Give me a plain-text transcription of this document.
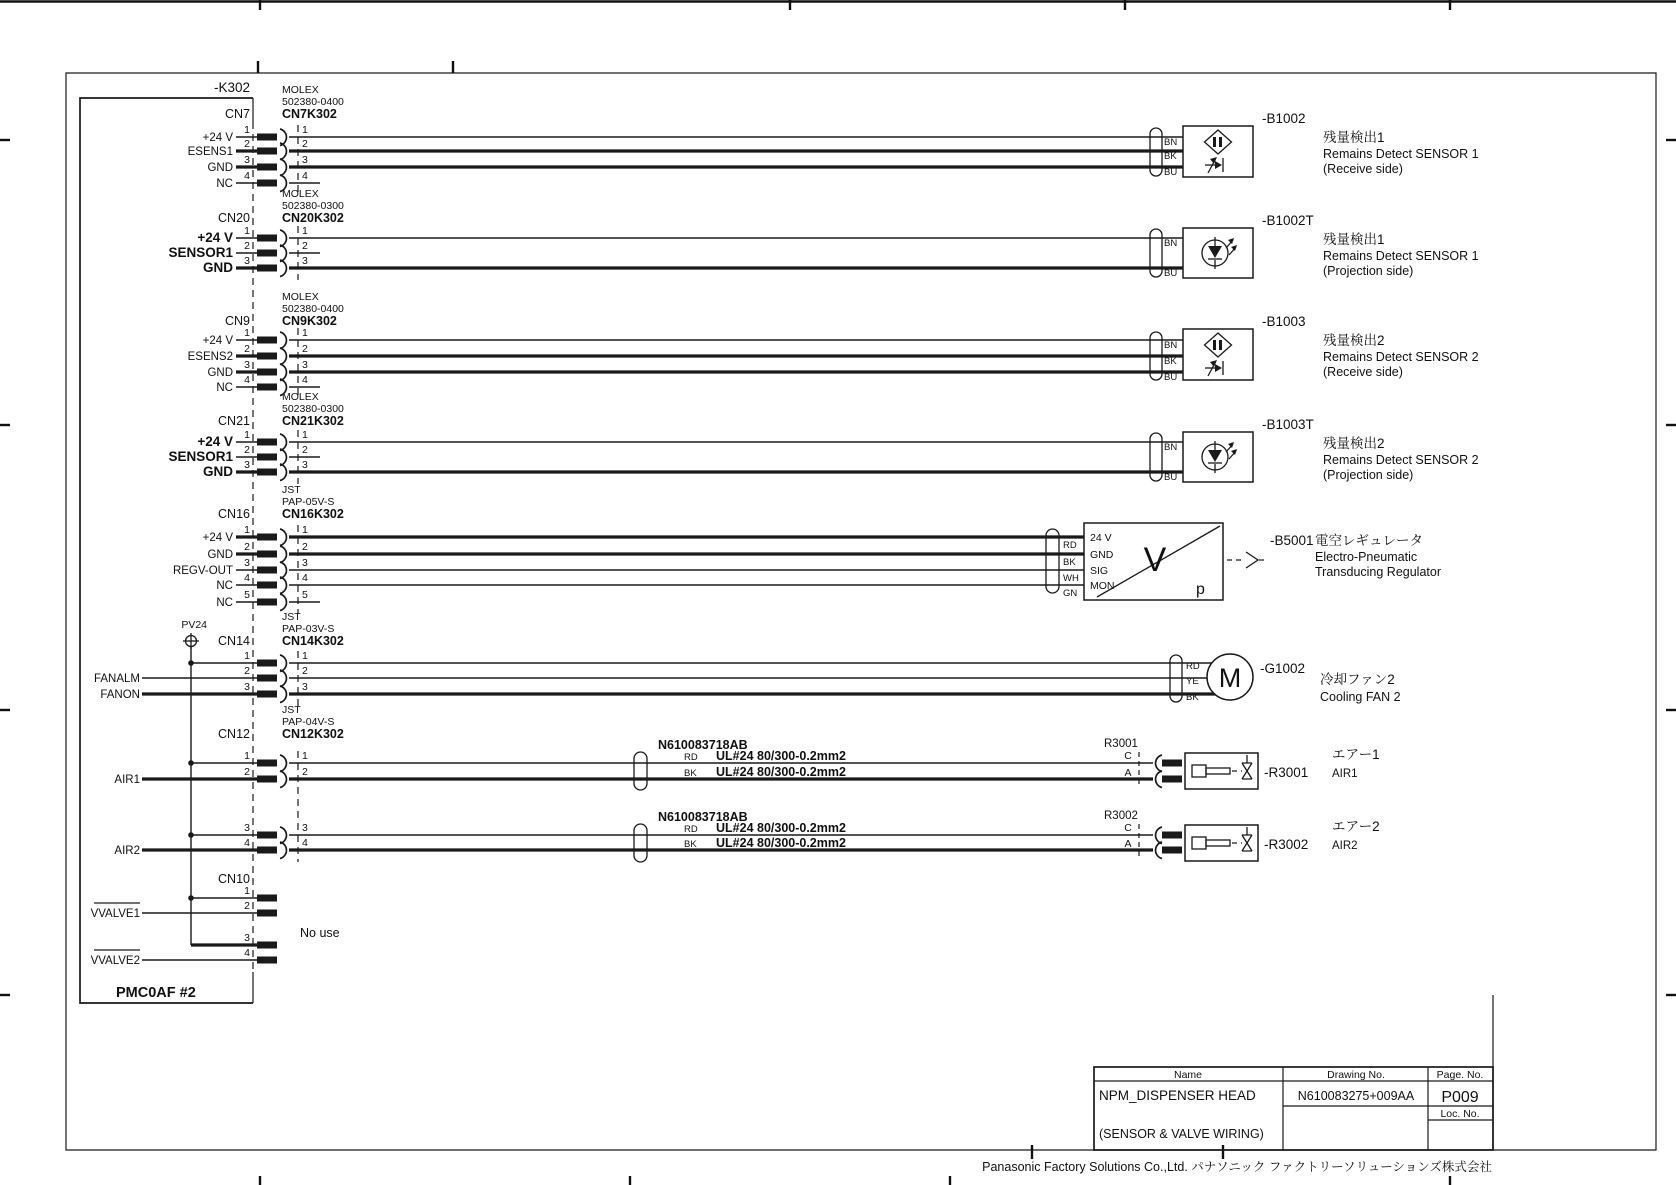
-K302
PMC0AF #2
No use
PV24
MOLEX
502380-0400
CN7K302
CN7
MOLEX
502380-0300
CN20K302
CN20
MOLEX
502380-0400
CN9K302
CN9
MOLEX
502380-0300
CN21K302
CN21
JST
PAP-05V-S
CN16K302
CN16
JST
PAP-03V-S
CN14K302
CN14
JST
PAP-04V-S
CN12K302
CN12
CN10
1
1
+24 V	2
2
ESENS1
3
3
GND
4
4
NC
1
1
+24 V
2
2
SENSOR1
3
3
GND
1
1
+24 V
2
2
ESENS2
3
3
GND
4
4
NC
1
1
+24 V
2
2
SENSOR1
3
3
GND
1
1
+24 V
2
2
GND
3
3
REGV-OUT
4
4
NC
5
5
NC
1
1
2
2
FANALM
3
3
FANON
1
1
2
2
AIR1
3
3
4
4
AIR2
1
2
VVALVE1
3
4
VVALVE2
N610083718AB
RD UL#24 80/300-0.2mm2
BK UL#24 80/300-0.2mm2
N610083718AB
RD UL#24 80/300-0.2mm2
BK UL#24 80/300-0.2mm2
BN
BK
BU
-B1002
残量検出1
Remains Detect SENSOR 1
(Receive side)
BN
BU
-B1002T
残量検出1
Remains Detect SENSOR 1
(Projection side)
BN
BK
BU
-B1003
残量検出2
Remains Detect SENSOR 2
(Receive side)
BN
BU
-B1003T
残量検出2
Remains Detect SENSOR 2
(Projection side)
RD
BK
WH
GN
24 V
GND
SIG
MON
V
p
-B5001 電空レギュレータ
Electro-Pneumatic
Transducing Regulator
RD
YE
BK
M -G1002
冷却ファン2
Cooling FAN 2
R3001
C
A	-R3001
エアー1
AIR1
R3002
C
A	-R3002
エアー2
AIR2
Name	Drawing No.	Page. No.
NPM_DISPENSER HEAD	N610083275+009AA P009
Loc. No.
(SENSOR & VALVE WIRING)
Panasonic Factory Solutions Co.,Ltd. パナソニック ファクトリーソリューションズ株式会社
